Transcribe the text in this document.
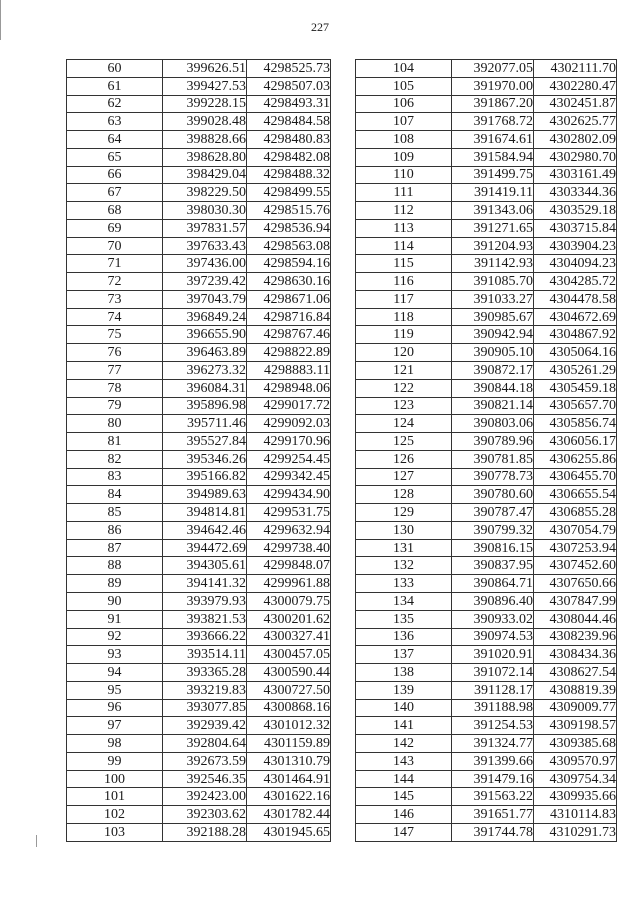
227
60	399626.51	4298525.73
61	399427.53	4298507.03
62	399228.15	4298493.31
63	399028.48	4298484.58
64	398828.66	4298480.83
65	398628.80	4298482.08
66	398429.04	4298488.32
67	398229.50	4298499.55
68	398030.30	4298515.76
69	397831.57	4298536.94
70	397633.43	4298563.08
71	397436.00	4298594.16
72	397239.42	4298630.16
73	397043.79	4298671.06
74	396849.24	4298716.84
75	396655.90	4298767.46
76	396463.89	4298822.89
77	396273.32	4298883.11
78	396084.31	4298948.06
79	395896.98	4299017.72
80	395711.46	4299092.03
81	395527.84	4299170.96
82	395346.26	4299254.45
83	395166.82	4299342.45
84	394989.63	4299434.90
85	394814.81	4299531.75
86	394642.46	4299632.94
87	394472.69	4299738.40
88	394305.61	4299848.07
89	394141.32	4299961.88
90	393979.93	4300079.75
91	393821.53	4300201.62
92	393666.22	4300327.41
93	393514.11	4300457.05
94	393365.28	4300590.44
95	393219.83	4300727.50
96	393077.85	4300868.16
97	392939.42	4301012.32
98	392804.64	4301159.89
99	392673.59	4301310.79
100	392546.35	4301464.91
101	392423.00	4301622.16
102	392303.62	4301782.44
103	392188.28	4301945.65
104	392077.05	4302111.70
105	391970.00	4302280.47
106	391867.20	4302451.87
107	391768.72	4302625.77
108	391674.61	4302802.09
109	391584.94	4302980.70
110	391499.75	4303161.49
111	391419.11	4303344.36
112	391343.06	4303529.18
113	391271.65	4303715.84
114	391204.93	4303904.23
115	391142.93	4304094.23
116	391085.70	4304285.72
117	391033.27	4304478.58
118	390985.67	4304672.69
119	390942.94	4304867.92
120	390905.10	4305064.16
121	390872.17	4305261.29
122	390844.18	4305459.18
123	390821.14	4305657.70
124	390803.06	4305856.74
125	390789.96	4306056.17
126	390781.85	4306255.86
127	390778.73	4306455.70
128	390780.60	4306655.54
129	390787.47	4306855.28
130	390799.32	4307054.79
131	390816.15	4307253.94
132	390837.95	4307452.60
133	390864.71	4307650.66
134	390896.40	4307847.99
135	390933.02	4308044.46
136	390974.53	4308239.96
137	391020.91	4308434.36
138	391072.14	4308627.54
139	391128.17	4308819.39
140	391188.98	4309009.77
141	391254.53	4309198.57
142	391324.77	4309385.68
143	391399.66	4309570.97
144	391479.16	4309754.34
145	391563.22	4309935.66
146	391651.77	4310114.83
147	391744.78	4310291.73
